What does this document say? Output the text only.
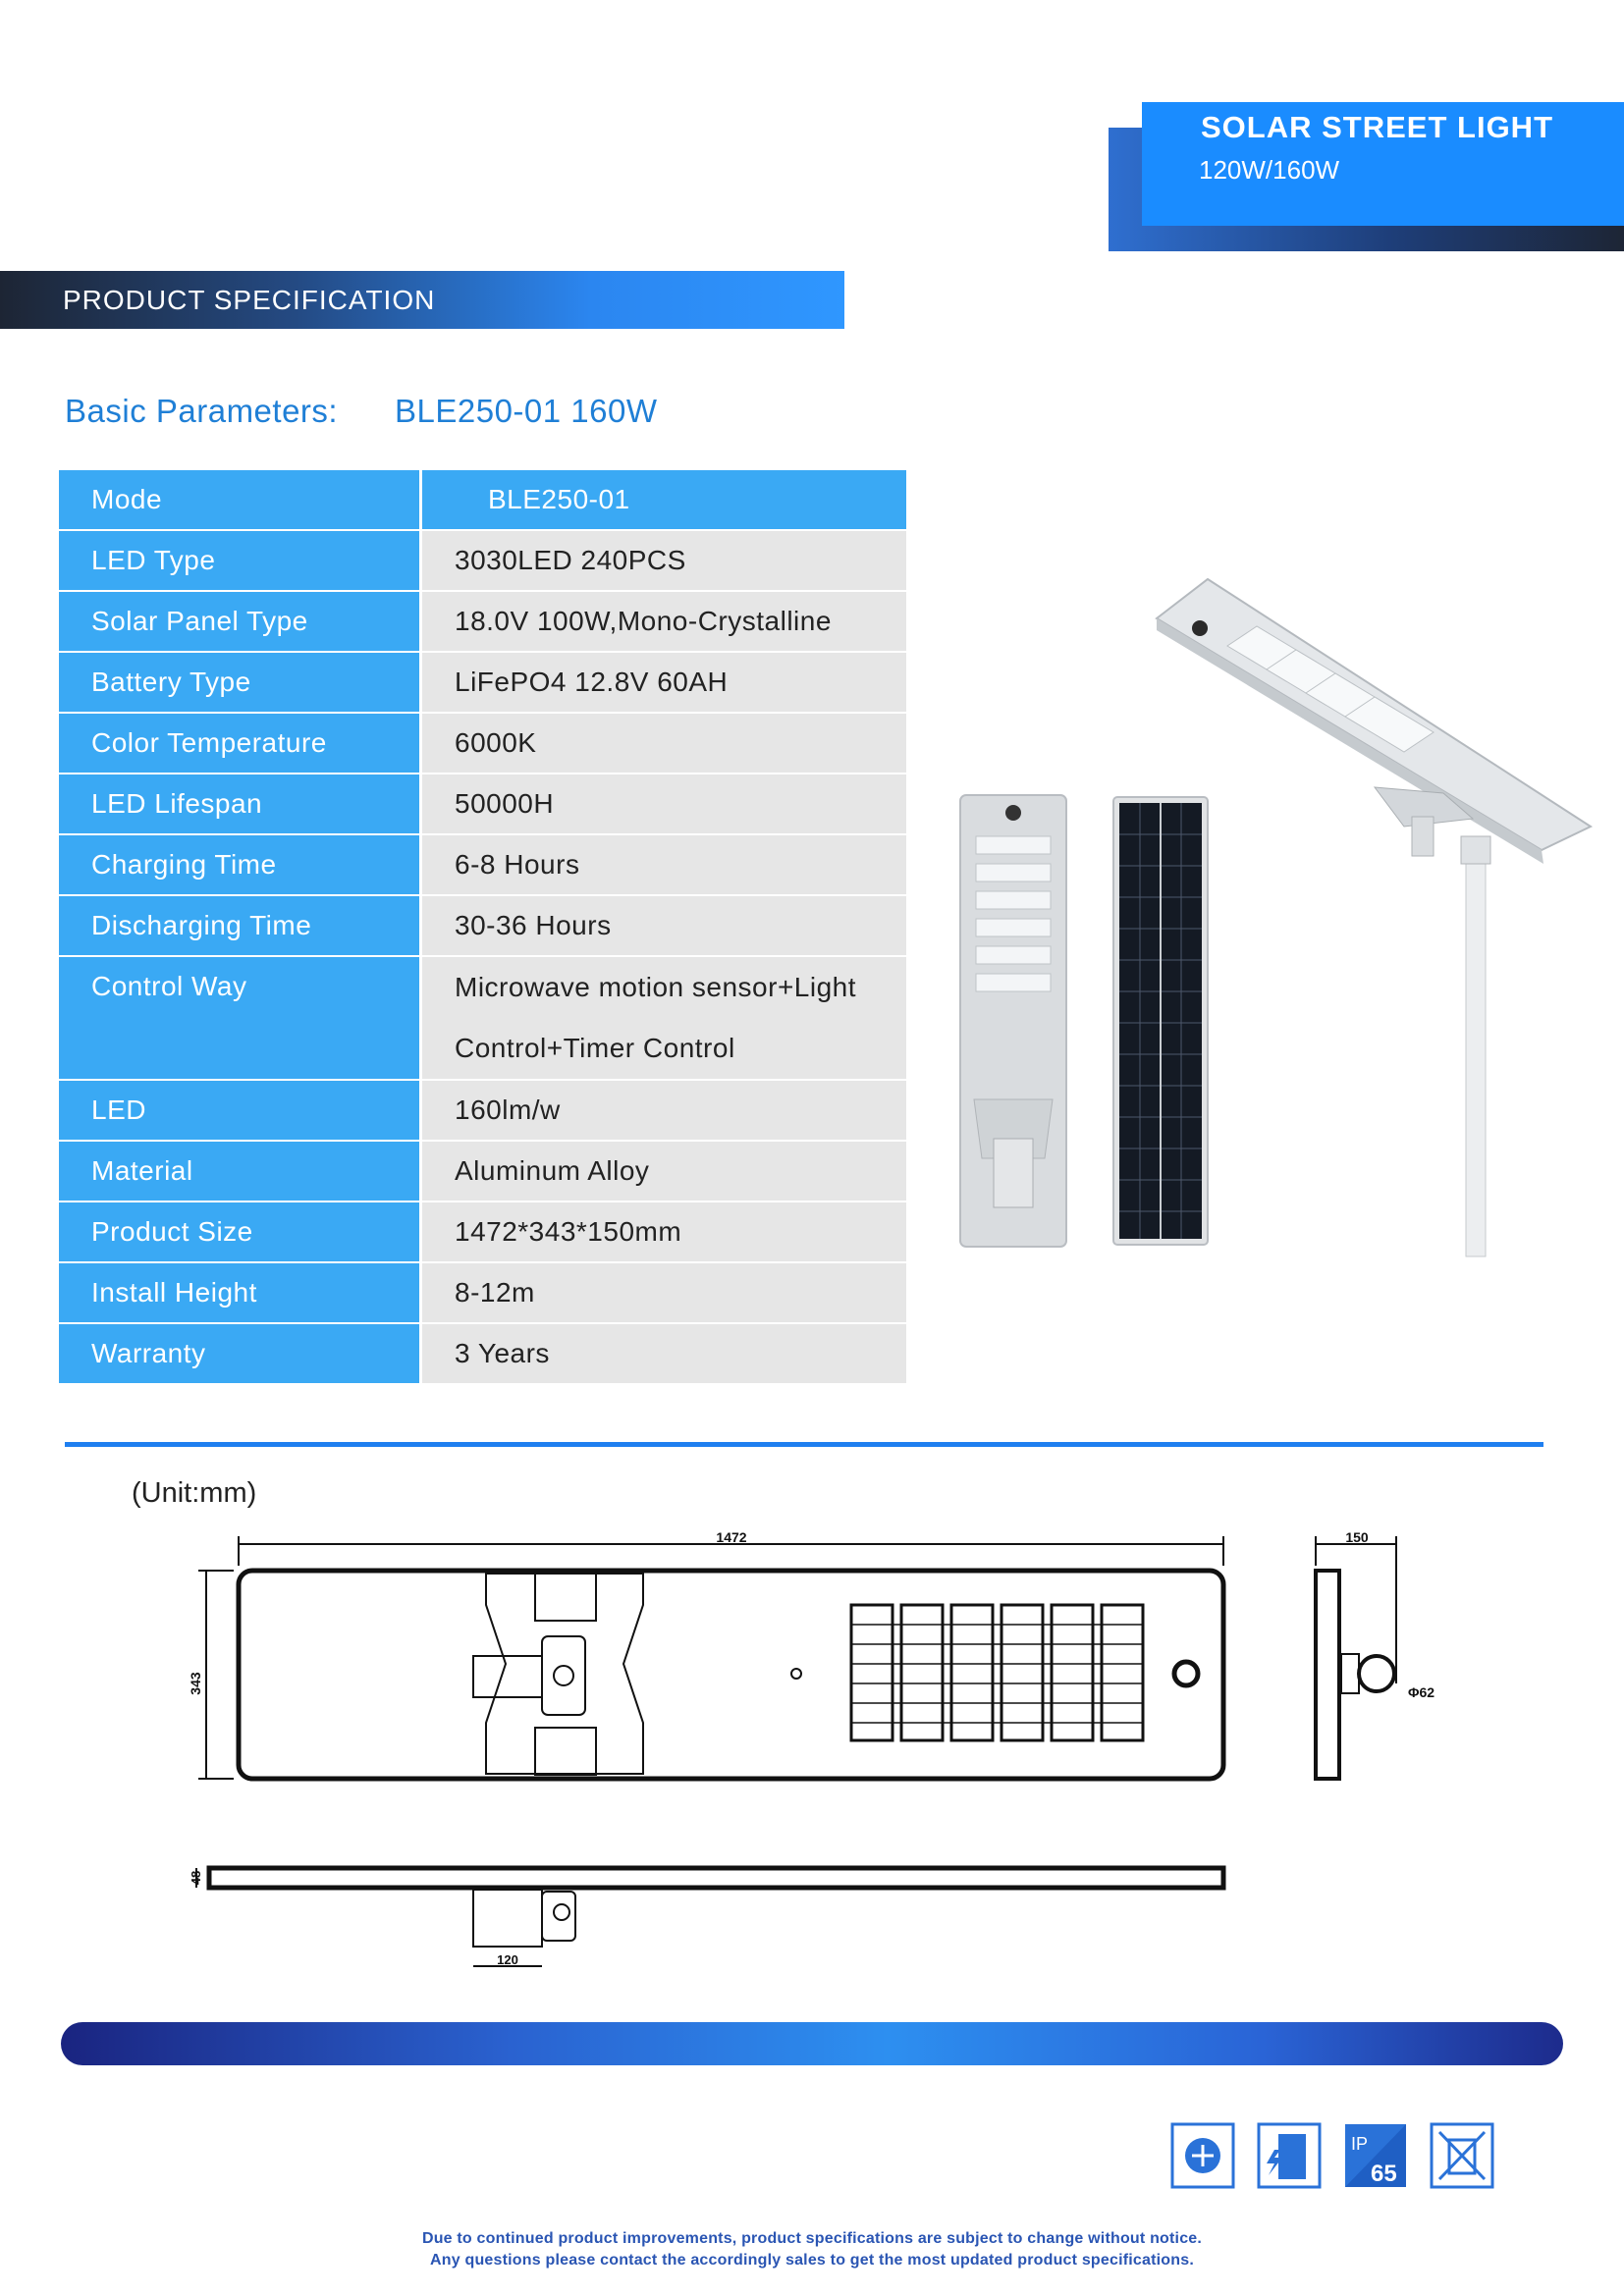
SOLAR STREET LIGHT
120W/160W
PRODUCT SPECIFICATION
Basic Parameters: BLE250-01 160W
Mode	BLE250-01
LED Type	3030LED 240PCS
Solar Panel Type	18.0V 100W,Mono-Crystalline
Battery Type	LiFePO4 12.8V 60AH
Color Temperature	6000K
LED Lifespan	50000H
Charging Time	6-8 Hours
Discharging Time	30-36 Hours
Control Way	Microwave motion sensor+Light
Control+Timer Control

LED	160lm/w
Material	Aluminum Alloy
Product Size	1472*343*150mm
Install Height	8-12m
Warranty	3 Years
(Unit:mm)
1472
343
150
Φ62
48
120
IP
65
Due to continued product improvements, product specifications are subject to change without notice.
Any questions please contact the accordingly sales to get the most updated product specifications.
